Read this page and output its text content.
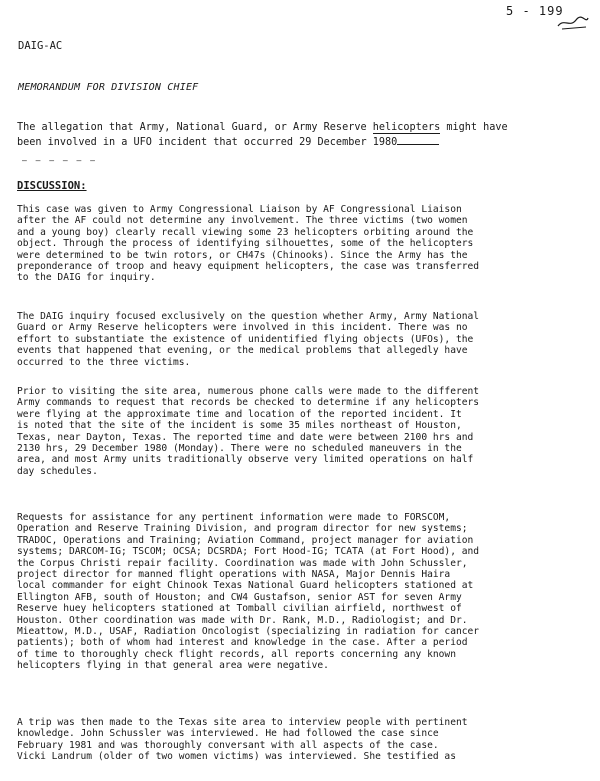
5 - 199
DAIG-AC
MEMORANDUM FOR DIVISION CHIEF
The allegation that Army, National Guard, or Army Reserve helicopters might have
been involved in a UFO incident that occurred 29 December 1980
— — — — — —
DISCUSSION:
This case was given to Army Congressional Liaison by AF Congressional Liaison
after the AF could not determine any involvement. The three victims (two women
and a young boy) clearly recall viewing some 23 helicopters orbiting around the
object. Through the process of identifying silhouettes, some of the helicopters
were determined to be twin rotors, or CH47s (Chinooks). Since the Army has the
preponderance of troop and heavy equipment helicopters, the case was transferred
to the DAIG for inquiry.
The DAIG inquiry focused exclusively on the question whether Army, Army National
Guard or Army Reserve helicopters were involved in this incident. There was no
effort to substantiate the existence of unidentified flying objects (UFOs), the
events that happened that evening, or the medical problems that allegedly have
occurred to the three victims.
Prior to visiting the site area, numerous phone calls were made to the different
Army commands to request that records be checked to determine if any helicopters
were flying at the approximate time and location of the reported incident. It
is noted that the site of the incident is some 35 miles northeast of Houston,
Texas, near Dayton, Texas. The reported time and date were between 2100 hrs and
2130 hrs, 29 December 1980 (Monday). There were no scheduled maneuvers in the
area, and most Army units traditionally observe very limited operations on half
day schedules.
Requests for assistance for any pertinent information were made to FORSCOM,
Operation and Reserve Training Division, and program director for new systems;
TRADOC, Operations and Training; Aviation Command, project manager for aviation
systems; DARCOM-IG; TSCOM; OCSA; DCSRDA; Fort Hood-IG; TCATA (at Fort Hood), and
the Corpus Christi repair facility. Coordination was made with John Schussler,
project director for manned flight operations with NASA, Major Dennis Haira
local commander for eight Chinook Texas National Guard helicopters stationed at
Ellington AFB, south of Houston; and CW4 Gustafson, senior AST for seven Army
Reserve huey helicopters stationed at Tomball civilian airfield, northwest of
Houston. Other coordination was made with Dr. Rank, M.D., Radiologist; and Dr.
Mieattow, M.D., USAF, Radiation Oncologist (specializing in radiation for cancer
patients); both of whom had interest and knowledge in the case. After a period
of time to thoroughly check flight records, all reports concerning any known
helicopters flying in that general area were negative.
A trip was then made to the Texas site area to interview people with pertinent
knowledge. John Schussler was interviewed. He had followed the case since
February 1981 and was thoroughly conversant with all aspects of the case.
Vicki Landrum (older of two women victims) was interviewed. She testified as
